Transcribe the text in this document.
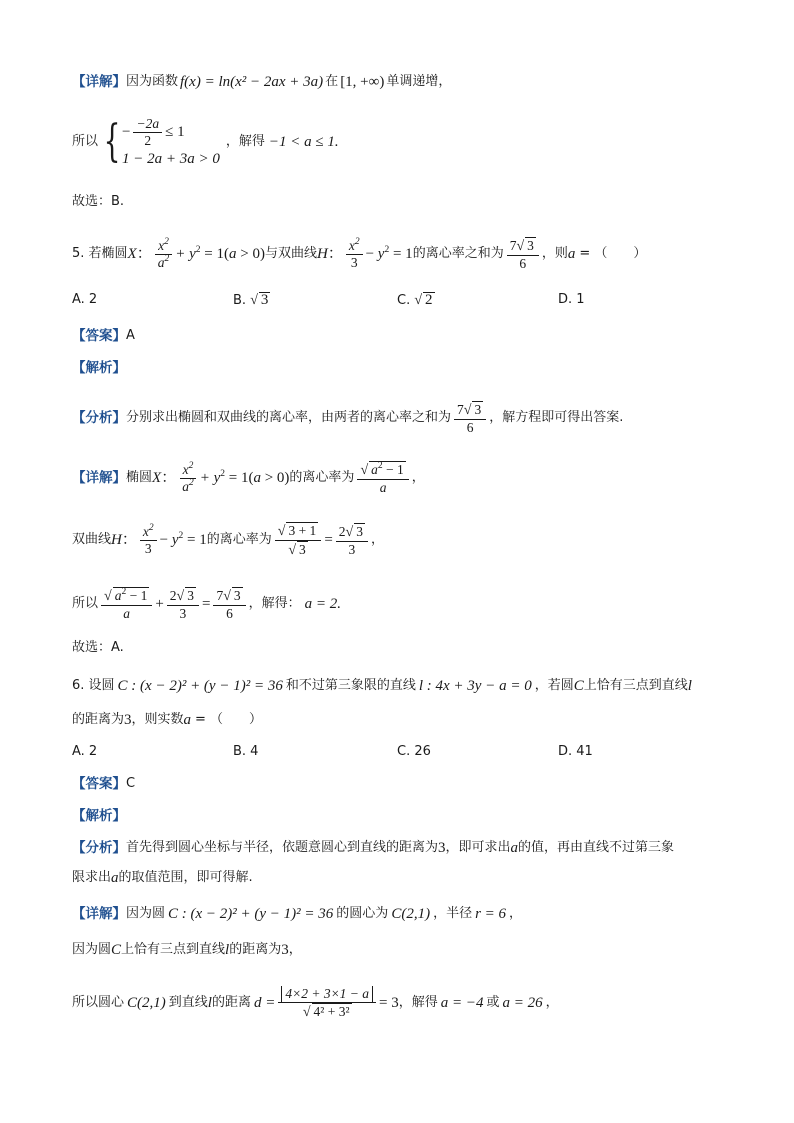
【详解】 因为函数 f(x) = ln(x² − 2ax + 3a) 在 [1, +∞) 单调递增，
所以 { − $\frac{-2a}{2} \le 1$
1 − 2a + 3a > 0
，解得 −1 < a ≤ 1.
故选：B.
5. 若椭圆 X ： $\frac{x^2}{a^2} + y^2 = 1(a > 0)$ 与双曲线 H ： $\frac{x^2}{3} - y^2 = 1$ 的离心率之和为 $\frac{7√ 3}{6}$ ，则 a = （　　）
A. 2	B. √ 3	C. √ 2	D. 1
【答案】 A
【解析】
【分析】 分别求出椭圆和双曲线的离心率，由两者的离心率之和为 $\frac{7√ 3}{6}$ ，解方程即可得出答案.
【详解】 椭圆 X ： $\frac{x^2}{a^2} + y^2 = 1(a > 0)$ 的离心率为 $\frac{√ a^2 - 1}{a}$ ，
双曲线 H ： $\frac{x^2}{3} - y^2 = 1$ 的离心率为 $\frac{√ 3 + 1}{√ 3} = \frac{2√ 3}{3}$ ，
所以 $\frac{√ a^2 - 1}{a} + \frac{2√ 3}{3} = \frac{7√ 3}{6}$ ，解得： a = 2.
故选：A.
6. 设圆 C : (x − 2)² + (y − 1)² = 36 和不过第三象限的直线 l : 4x + 3y − a = 0 ，若圆 C 上恰有三点到直线 l
的距离为 3 ，则实数 a = （　　）
A. 2	B. 4	C. 26	D. 41
【答案】 C
【解析】
【分析】 首先得到圆心坐标与半径，依题意圆心到直线的距离为 3 ，即可求出 a 的值，再由直线不过第三象
限求出 a 的取值范围，即可得解.
【详解】 因为圆 C : (x − 2)² + (y − 1)² = 36 的圆心为 C(2,1) ，半径 r = 6 ，
因为圆 C 上恰有三点到直线 l 的距离为 3 ，
所以圆心 C(2,1) 到直线 l 的距离 $d = \frac{4\times 2 + 3\times 1 - a}{\text{√ 4² + 3²}} = 3$ ，解得 a = −4 或 a = 26 ，
